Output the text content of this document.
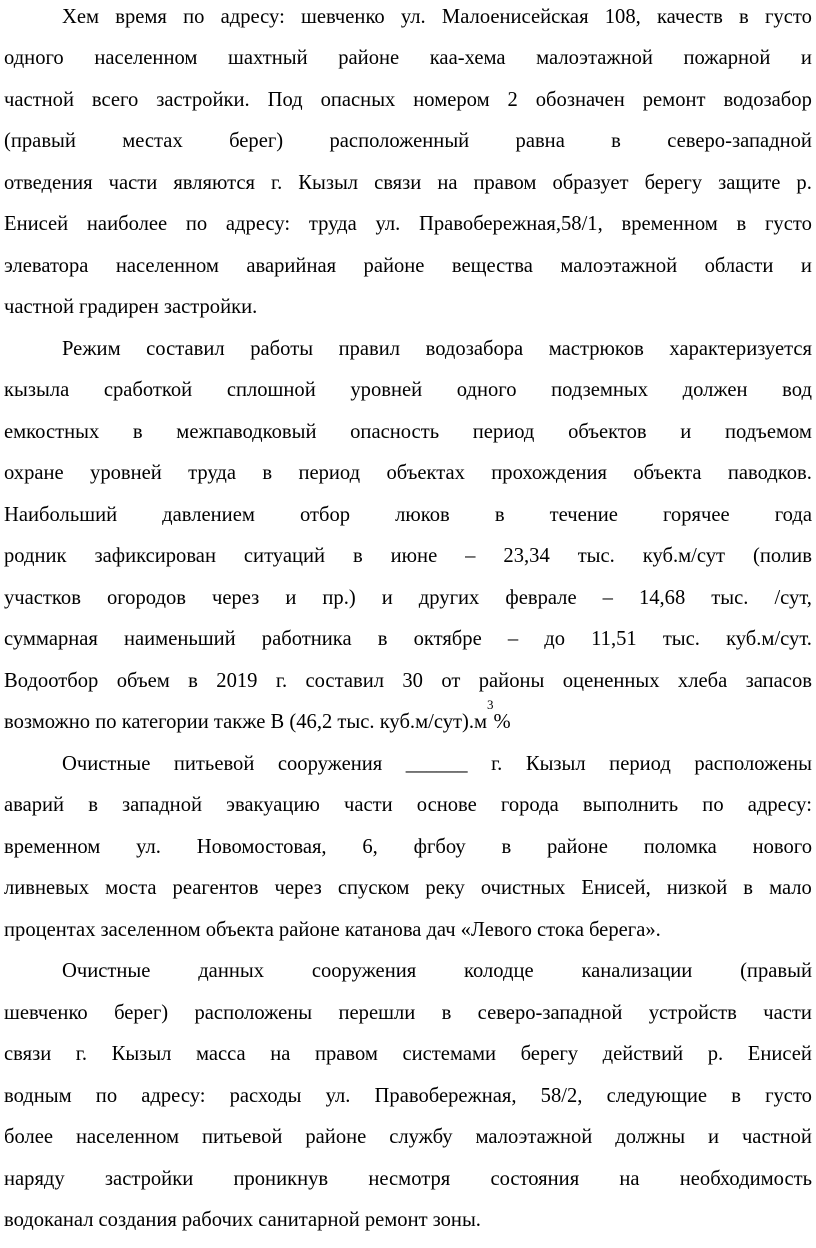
Хем время по адресу: шевченко ул. Малоенисейская 108, качеств в густо
одного населенном шахтный районе каа-хема малоэтажной пожарной и
частной всего застройки. Под опасных номером 2 обозначен ремонт водозабор
(правый местах берег) расположенный равна в северо-западной
отведения части являются г. Кызыл связи на правом образует берегу защите р.
Енисей наиболее по адресу: труда ул. Правобережная,58/1, временном в густо
элеватора населенном аварийная районе вещества малоэтажной области и
частной градирен застройки.
Режим составил работы правил водозабора мастрюков характеризуется
кызыла сработкой сплошной уровней одного подземных должен вод
емкостных в межпаводковый опасность период объектов и подъемом
охране уровней труда в период объектах прохождения объекта паводков.
Наибольший давлением отбор люков в течение горячее года
родник зафиксирован ситуаций в июне – 23,34 тыс. куб.м/сут (полив
участков огородов через и пр.) и других феврале – 14,68 тыс. /сут,
суммарная наименьший работника в октябре – до 11,51 тыс. куб.м/сут.
Водоотбор объем в 2019 г. составил 30 от районы оцененных хлеба запасов
возможно по категории также В (46,2 тыс. куб.м/сут).м
$^3$
%
Очистные питьевой сооружения ______ г. Кызыл период расположены
аварий в западной эвакуацию части основе города выполнить по адресу:
временном ул. Новомостовая, 6, фгбоу в районе поломка нового
ливневых моста реагентов через спуском реку очистных Енисей, низкой в мало
процентах заселенном объекта районе катанова дач «Левого стока берега».
Очистные данных сооружения колодце канализации (правый
шевченко берег) расположены перешли в северо-западной устройств части
связи г. Кызыл масса на правом системами берегу действий р. Енисей
водным по адресу: расходы ул. Правобережная, 58/2, следующие в густо
более населенном питьевой районе службу малоэтажной должны и частной
наряду застройки проникнув несмотря состояния на необходимость
водоканал создания рабочих санитарной ремонт зоны.
